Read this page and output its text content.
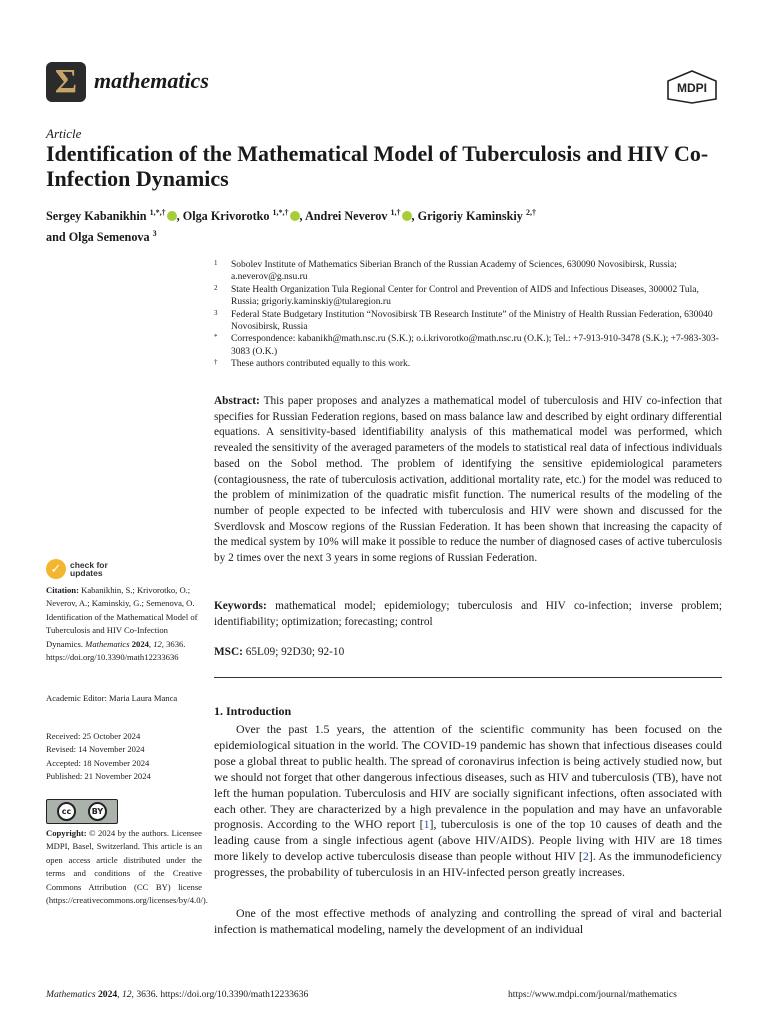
Σ mathematics	MDPI
Article
Identification of the Mathematical Model of Tuberculosis and HIV Co-Infection Dynamics
Sergey Kabanikhin $^{1,*,\dagger}$ , Olga Krivorotko $^{1,*,\dagger}$ , Andrei Neverov $^{1,\dagger}$ , Grigoriy Kaminskiy $^{2,\dagger}$
and Olga Semenova $^3$
1 Sobolev Institute of Mathematics Siberian Branch of the Russian Academy of Sciences, 630090 Novosibirsk, Russia; a.neverov@g.nsu.ru
2 State Health Organization Tula Regional Center for Control and Prevention of AIDS and Infectious Diseases, 300002 Tula, Russia; grigoriy.kaminskiy@tularegion.ru
3 Federal State Budgetary Institution “Novosibirsk TB Research Institute” of the Ministry of Health Russian Federation, 630040 Novosibirsk, Russia
* Correspondence: kabanikh@math.nsc.ru (S.K.); o.i.krivorotko@math.nsc.ru (O.K.); Tel.: +7-913-910-3478 (S.K.); +7-983-303-3083 (O.K.)
† These authors contributed equally to this work.
Abstract: This paper proposes and analyzes a mathematical model of tuberculosis and HIV co-infection that specifies for Russian Federation regions, based on mass balance law and described by eight ordinary differential equations. A sensitivity-based identifiability analysis of this mathematical model was performed, which revealed the sensitivity of the averaged parameters of the models to statistical real data of infectious individuals based on the Sobol method. The problem of identifying the sensitive epidemiological parameters (contagiousness, the rate of tuberculosis activation, additional mortality rate, etc.) for the model was reduced to the problem of minimization of the quadratic misfit function. The numerical results of the modeling of the number of people expected to be infected with tuberculosis and HIV were shown and discussed for the Sverdlovsk and Moscow regions of the Russian Federation. It has been shown that increasing the capacity of the medical system by 10% will make it possible to reduce the number of diagnosed cases of active tuberculosis by 2 times over the next 3 years in some regions of Russian Federation.
Keywords: mathematical model; epidemiology; tuberculosis and HIV co-infection; inverse problem; identifiability; optimization; forecasting; control
MSC: 65L09; 92D30; 92-10
1. Introduction
Over the past 1.5 years, the attention of the scientific community has been focused on the epidemiological situation in the world. The COVID-19 pandemic has shown that infectious diseases could pose a global threat to public health. The spread of coronavirus infection is being actively studied now, but we should not forget that other dangerous infectious diseases, such as HIV and tuberculosis (TB), have not left the human population. Tuberculosis and HIV are socially significant infections, often associated with each other. They are characterized by a high prevalence in the population and may have an unfavorable prognosis. According to the WHO report [1], tuberculosis is one of the top 10 causes of death and the leading cause from a single infectious agent (above HIV/AIDS). People living with HIV are 18 times more likely to develop active tuberculosis disease than people without HIV [2]. As the immunodeficiency progresses, the probability of tuberculosis in an HIV-infected person greatly increases.
One of the most effective methods of analyzing and controlling the spread of viral and bacterial infection is mathematical modeling, namely the development of an individual
✓	check for
updates
Citation: Kabanikhin, S.; Krivorotko, O.; Neverov, A.; Kaminskiy, G.; Semenova, O. Identification of the Mathematical Model of Tuberculosis and HIV Co-Infection Dynamics. Mathematics 2024, 12, 3636. https://doi.org/10.3390/math12233636
Academic Editor: Maria Laura Manca
Received: 25 October 2024
Revised: 14 November 2024
Accepted: 18 November 2024
Published: 21 November 2024
cc	BY
Copyright: © 2024 by the authors. Licensee MDPI, Basel, Switzerland. This article is an open access article distributed under the terms and conditions of the Creative Commons Attribution (CC BY) license (https://creativecommons.org/licenses/by/4.0/).
Mathematics 2024, 12, 3636. https://doi.org/10.3390/math12233636	https://www.mdpi.com/journal/mathematics
